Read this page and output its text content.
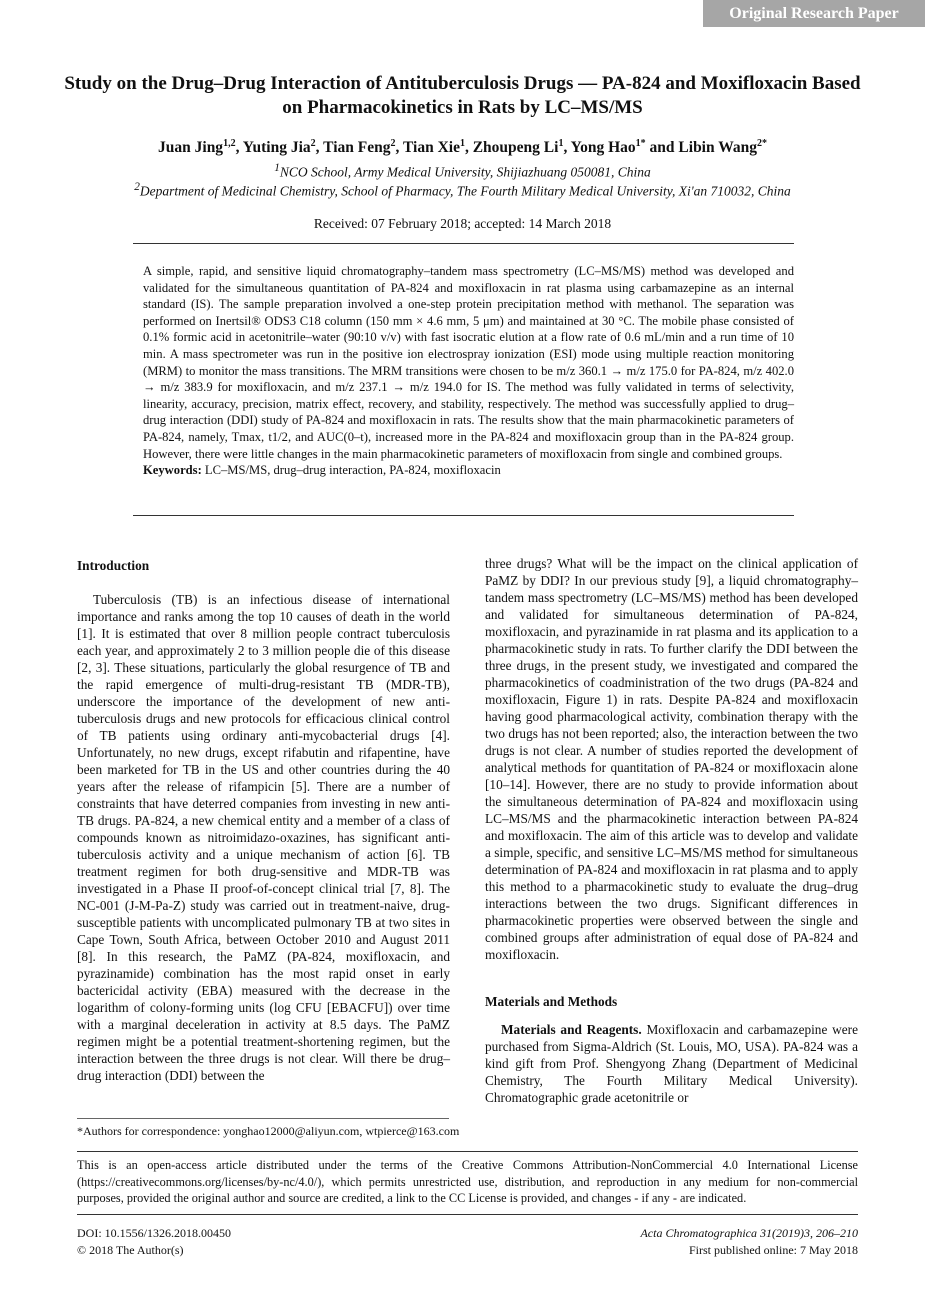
Original Research Paper
Study on the Drug–Drug Interaction of Antituberculosis Drugs — PA-824 and Moxifloxacin Based on Pharmacokinetics in Rats by LC–MS/MS
Juan Jing$^{1,2}$, Yuting Jia$^2$, Tian Feng$^2$, Tian Xie$^1$, Zhoupeng Li$^1$, Yong Hao$^{1*}$ and Libin Wang$^{2*}$
$^1$NCO School, Army Medical University, Shijiazhuang 050081, China
$^2$Department of Medicinal Chemistry, School of Pharmacy, The Fourth Military Medical University, Xi'an 710032, China
Received: 07 February 2018; accepted: 14 March 2018
A simple, rapid, and sensitive liquid chromatography–tandem mass spectrometry (LC–MS/MS) method was developed and validated for the simultaneous quantitation of PA-824 and moxifloxacin in rat plasma using carbamazepine as an internal standard (IS). The sample preparation involved a one-step protein precipitation method with methanol. The separation was performed on Inertsil® ODS3 C18 column (150 mm × 4.6 mm, 5 μm) and maintained at 30 °C. The mobile phase consisted of 0.1% formic acid in acetonitrile–water (90:10 v/v) with fast isocratic elution at a flow rate of 0.6 mL/min and a run time of 10 min. A mass spectrometer was run in the positive ion electrospray ionization (ESI) mode using multiple reaction monitoring (MRM) to monitor the mass transitions. The MRM transitions were chosen to be m/z 360.1 → m/z 175.0 for PA-824, m/z 402.0 → m/z 383.9 for moxifloxacin, and m/z 237.1 → m/z 194.0 for IS. The method was fully validated in terms of selectivity, linearity, accuracy, precision, matrix effect, recovery, and stability, respectively. The method was successfully applied to drug–drug interaction (DDI) study of PA-824 and moxifloxacin in rats. The results show that the main pharmacokinetic parameters of PA-824, namely, Tmax, t1/2, and AUC(0–t), increased more in the PA-824 and moxifloxacin group than in the PA-824 group. However, there were little changes in the main pharmacokinetic parameters of moxifloxacin from single and combined groups.
Keywords: LC–MS/MS, drug–drug interaction, PA-824, moxifloxacin
Introduction

Tuberculosis (TB) is an infectious disease of international importance and ranks among the top 10 causes of death in the world [1]. It is estimated that over 8 million people contract tuberculosis each year, and approximately 2 to 3 million people die of this disease [2, 3]. These situations, particularly the global resurgence of TB and the rapid emergence of multi-drug-resistant TB (MDR-TB), underscore the importance of the development of new anti-tuberculosis drugs and new protocols for efficacious clinical control of TB patients using ordinary anti-mycobacterial drugs [4]. Unfortunately, no new drugs, except rifabutin and rifapentine, have been marketed for TB in the US and other countries during the 40 years after the release of rifampicin [5]. There are a number of constraints that have deterred companies from investing in new anti-TB drugs. PA-824, a new chemical entity and a member of a class of compounds known as nitroimidazo-oxazines, has significant anti-tuberculosis activity and a unique mechanism of action [6]. TB treatment regimen for both drug-sensitive and MDR-TB was investigated in a Phase II proof-of-concept clinical trial [7, 8]. The NC-001 (J-M-Pa-Z) study was carried out in treatment-naive, drug-susceptible patients with uncomplicated pulmonary TB at two sites in Cape Town, South Africa, between October 2010 and August 2011 [8]. In this research, the PaMZ (PA-824, moxifloxacin, and pyrazinamide) combination has the most rapid onset in early bactericidal activity (EBA) measured with the decrease in the logarithm of colony-forming units (log CFU [EBACFU]) over time with a marginal deceleration in activity at 8.5 days. The PaMZ regimen might be a potential treatment-shortening regimen, but the interaction between the three drugs is not clear. Will there be drug–drug interaction (DDI) between the

*Authors for correspondence: yonghao12000@aliyun.com, wtpierce@163.com
three drugs? What will be the impact on the clinical application of PaMZ by DDI? In our previous study [9], a liquid chromatography–tandem mass spectrometry (LC–MS/MS) method has been developed and validated for simultaneous determination of PA-824, moxifloxacin, and pyrazinamide in rat plasma and its application to a pharmacokinetic study in rats. To further clarify the DDI between the three drugs, in the present study, we investigated and compared the pharmacokinetics of coadministration of the two drugs (PA-824 and moxifloxacin, Figure 1) in rats. Despite PA-824 and moxifloxacin having good pharmacological activity, combination therapy with the two drugs has not been reported; also, the interaction between the two drugs is not clear. A number of studies reported the development of analytical methods for quantitation of PA-824 or moxifloxacin alone [10–14]. However, there are no study to provide information about the simultaneous determination of PA-824 and moxifloxacin using LC–MS/MS and the pharmacokinetic interaction between PA-824 and moxifloxacin. The aim of this article was to develop and validate a simple, specific, and sensitive LC–MS/MS method for simultaneous determination of PA-824 and moxifloxacin in rat plasma and to apply this method to a pharmacokinetic study to evaluate the drug–drug interactions between the two drugs. Significant differences in pharmacokinetic properties were observed between the single and combined groups after administration of equal dose of PA-824 and moxifloxacin.
Materials and Methods

Materials and Reagents. Moxifloxacin and carbamazepine were purchased from Sigma-Aldrich (St. Louis, MO, USA). PA-824 was a kind gift from Prof. Shengyong Zhang (Department of Medicinal Chemistry, The Fourth Military Medical University). Chromatographic grade acetonitrile or

This is an open-access article distributed under the terms of the Creative Commons Attribution-NonCommercial 4.0 International License (https://creativecommons.org/licenses/by-nc/4.0/), which permits unrestricted use, distribution, and reproduction in any medium for non-commercial purposes, provided the original author and source are credited, a link to the CC License is provided, and changes - if any - are indicated.
DOI: 10.1556/1326.2018.00450
© 2018 The Author(s)
Acta Chromatographica 31(2019)3, 206–210
First published online: 7 May 2018
